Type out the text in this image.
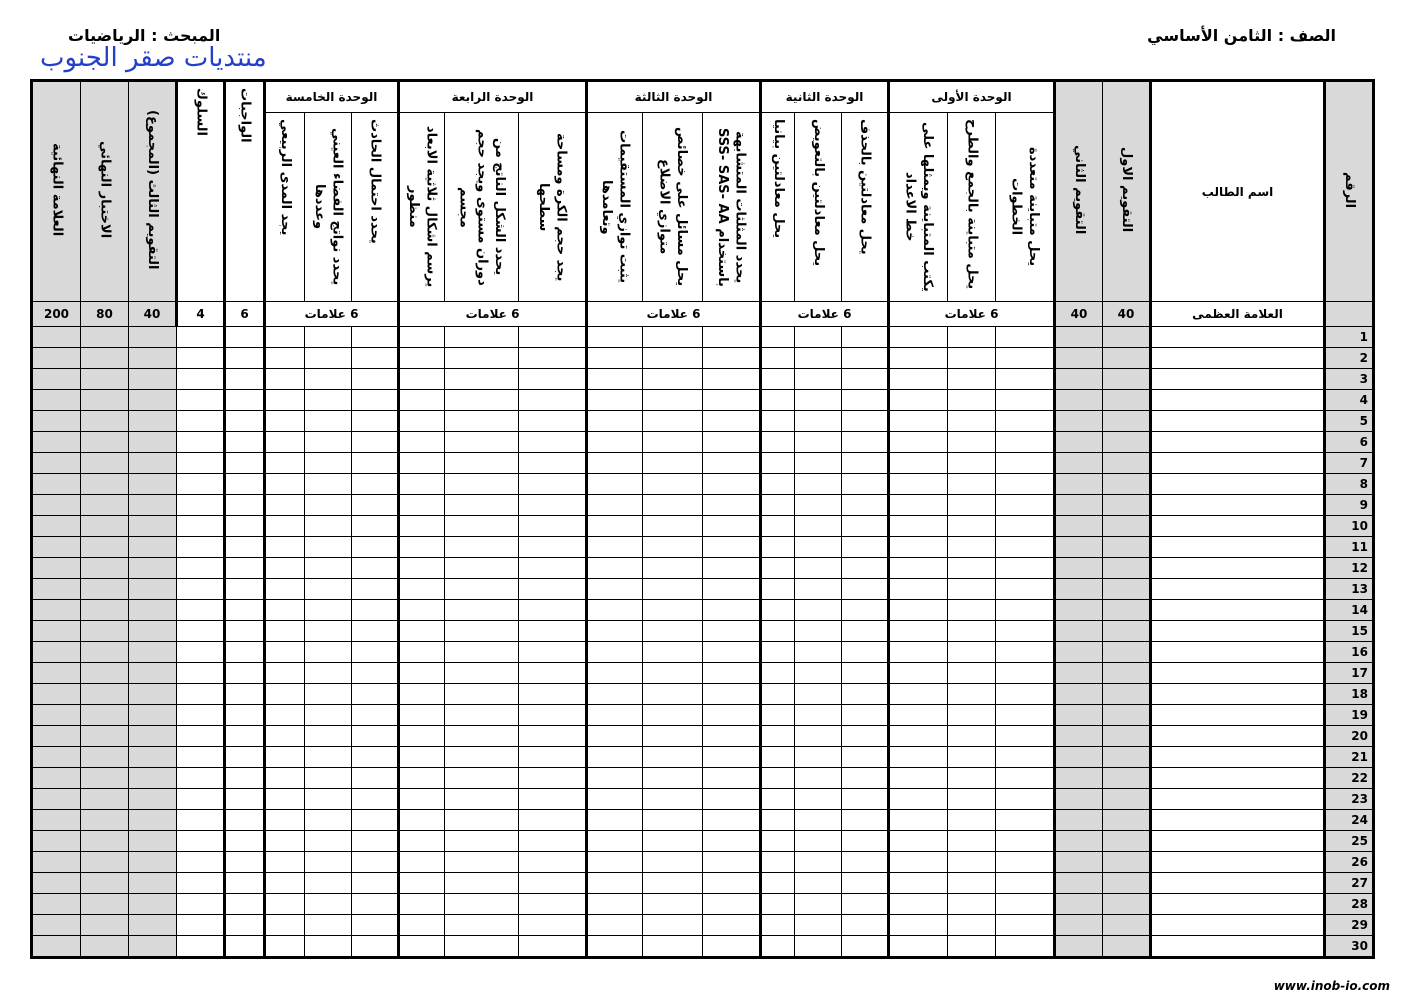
الصف : الثامن الأساسي
المبحث : الرياضيات
منتديات صقر الجنوب
www.inob-io.com
الرقم	اسم الطالب	التقويم الاول	التقويم الثاني	الوحدة الأولى			الوحدة الثانية			الوحدة الثالثة			الوحدة الرابعة			الوحدة الخامسة			الواجبات	السلوك	التقويم الثالث (المجموع)	الاختبار النهائي	العلامة النهائية
				يحل متباينة متعددة الخطوات	يحل متباينة بالجمع والطرح	يكتب المتباينة ويمثلها على خط الاعداد	يحل معادلتين بالحذف	يحل معادلتين بالتعويض	يحل معادلتين بيانيا	يحدد المثلثات المتشابهة باستخدام SSS- SAS- AA	يحل مسائل على خصائص متوازي الاضلاع	يثبت توازي المستقيمات وتعامدها	يجد حجم الكرة ومساحة سطحها	يحدد الشكل الناتج من دوران مستوى ويجد حجم مجسم	يرسم اشكال ثلاثية الابعاد منظور	يحدد احتمال الحادث	يحدد نواتج الفضاء العيني وعددها	يجد المدى الربيعي					
	العلامة العظمى	40	40	6 علامات			6 علامات			6 علامات			6 علامات			6 علامات			6	4	40	80	200
1																							
2																							
3																							
4																							
5																							
6																							
7																							
8																							
9																							
10																							
11																							
12																							
13																							
14																							
15																							
16																							
17																							
18																							
19																							
20																							
21																							
22																							
23																							
24																							
25																							
26																							
27																							
28																							
29																							
30																							
